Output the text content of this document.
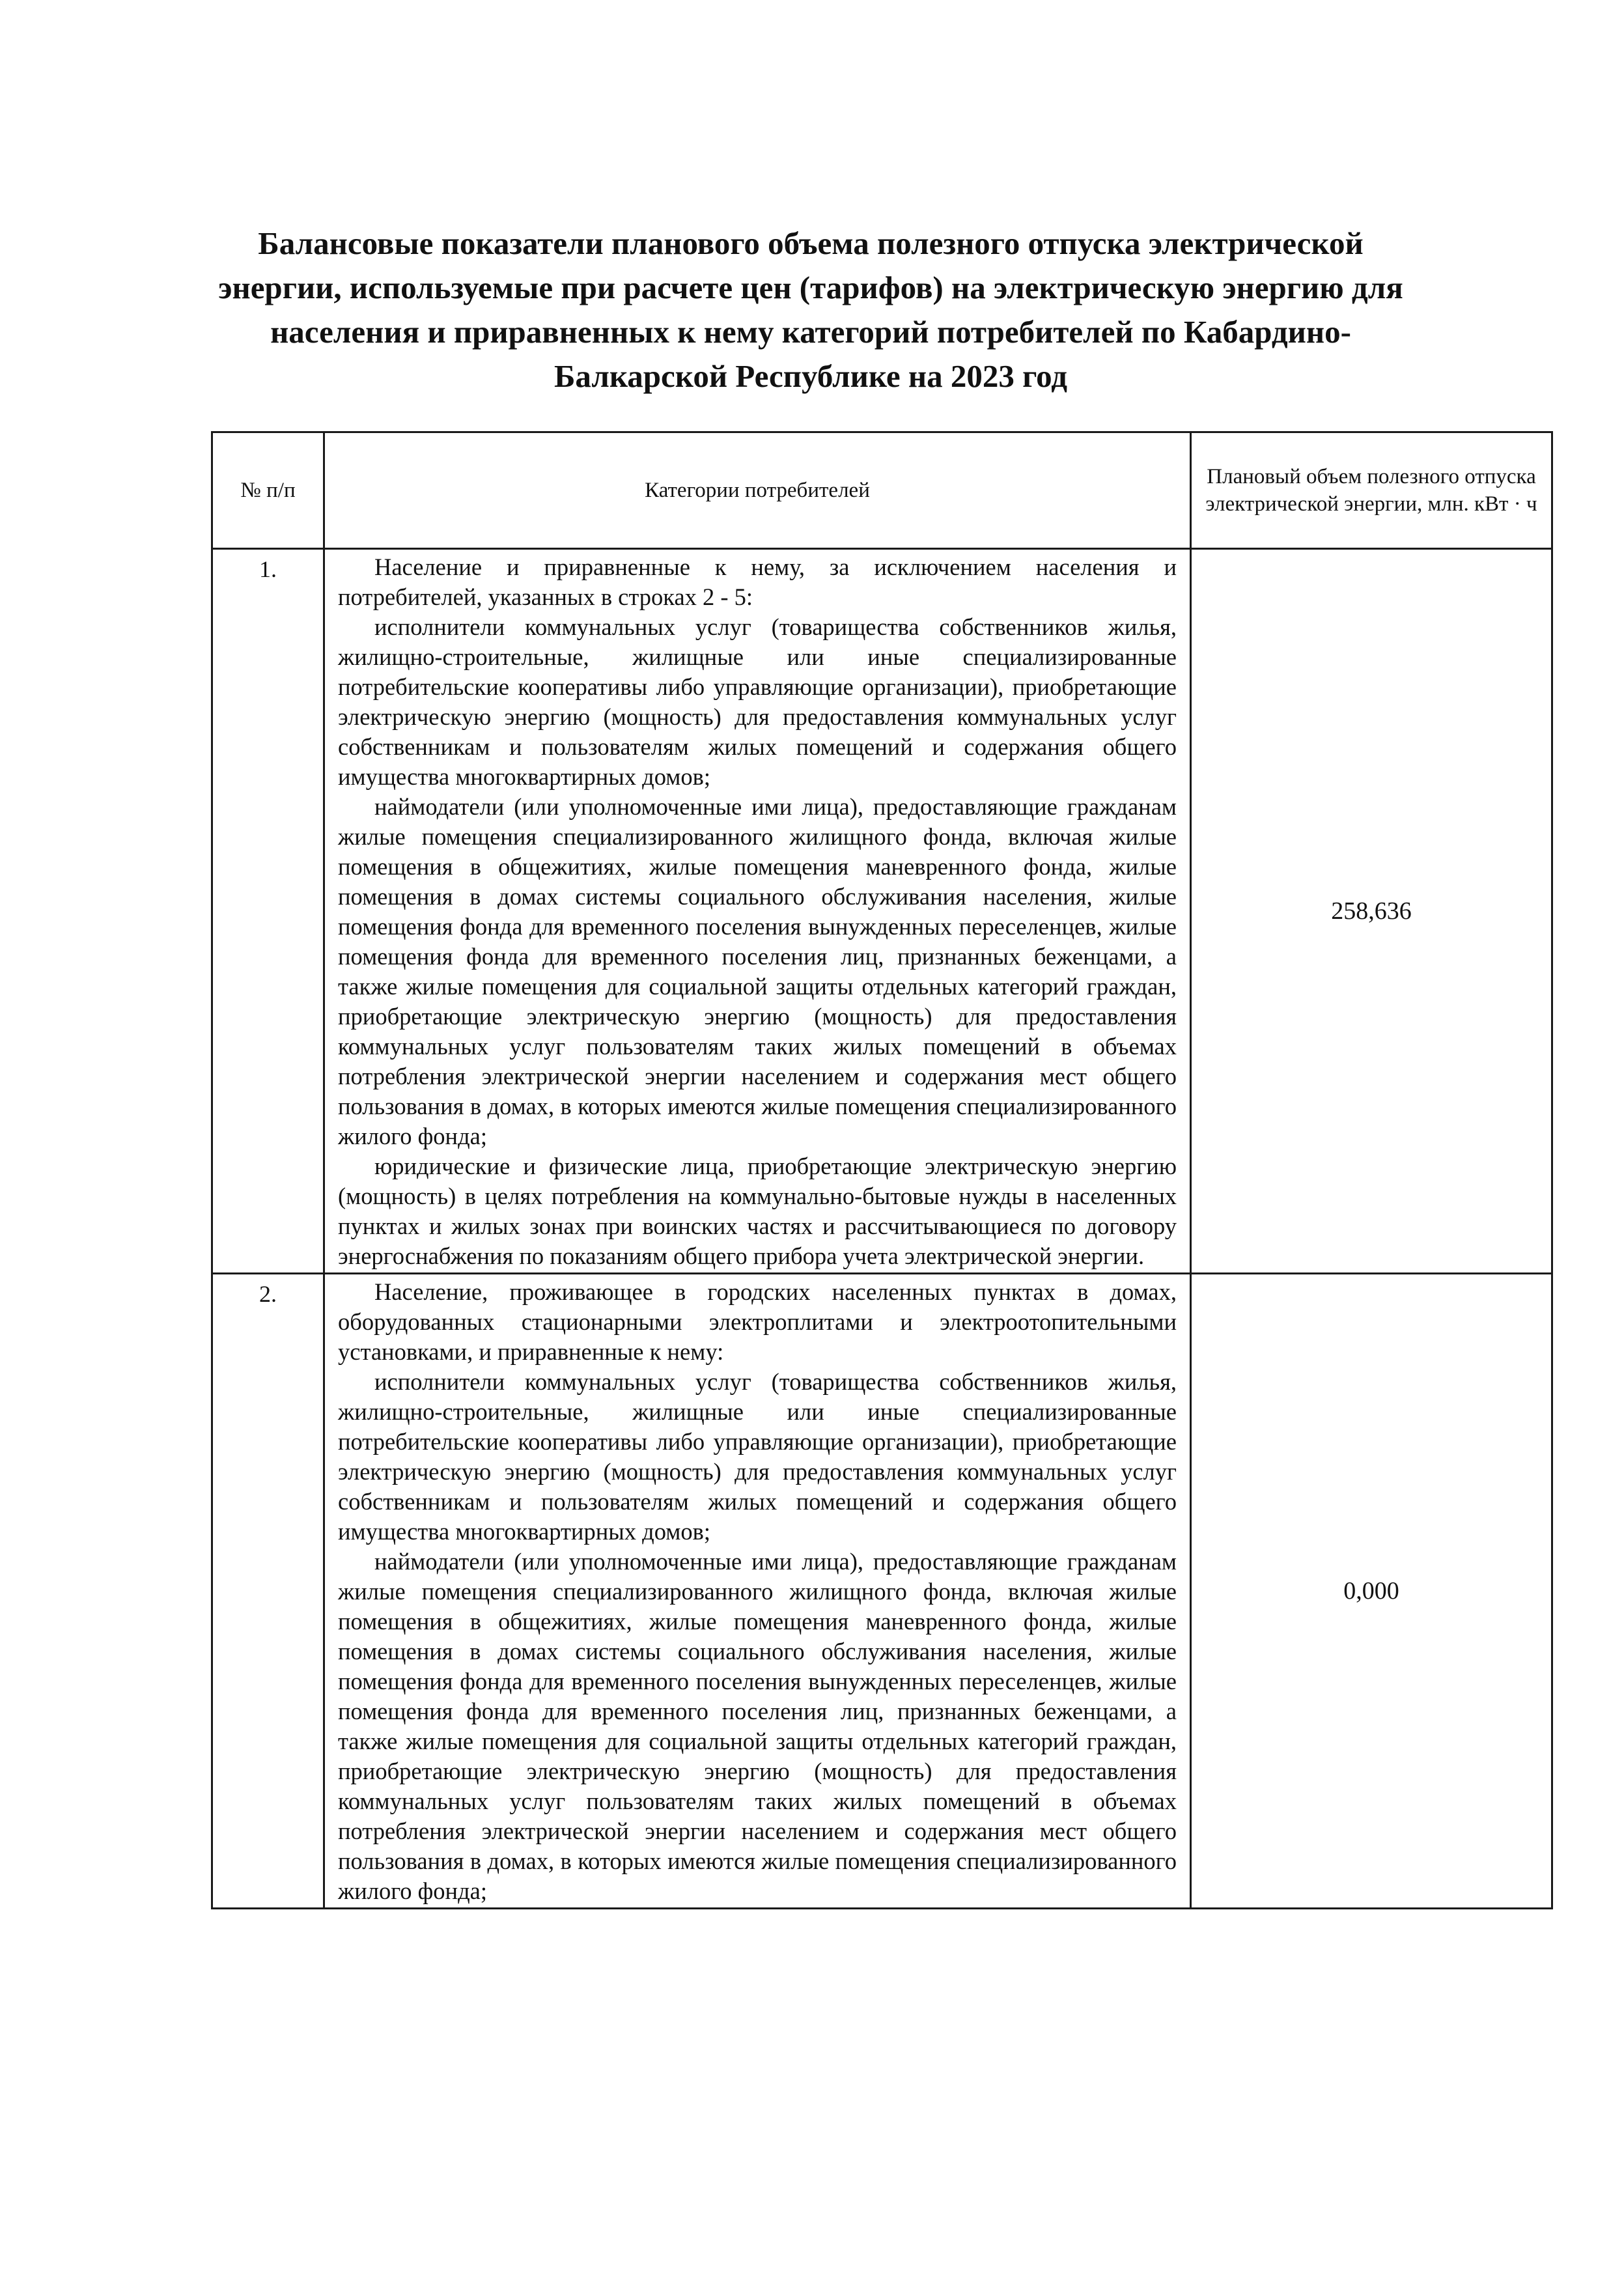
Балансовые показатели планового объема полезного отпуска электрической энергии, используемые при расчете цен (тарифов) на электрическую энергию для населения и приравненных к нему категорий потребителей по Кабардино-Балкарской Республике на 2023 год
№ п/п	Категории потребителей	Плановый объем полезного отпуска электрической энергии, млн. кВт · ч
1.	Население и приравненные к нему, за исключением населения и потребителей, указанных в строках 2 - 5:

исполнители коммунальных услуг (товарищества собственников жилья, жилищно-строительные, жилищные или иные специализированные потребительские кооперативы либо управляющие организации), приобретающие электрическую энергию (мощность) для предоставления коммунальных услуг собственникам и пользователям жилых помещений и содержания общего имущества многоквартирных домов;

наймодатели (или уполномоченные ими лица), предоставляющие гражданам жилые помещения специализированного жилищного фонда, включая жилые помещения в общежитиях, жилые помещения маневренного фонда, жилые помещения в домах системы социального обслуживания населения, жилые помещения фонда для временного поселения вынужденных переселенцев, жилые помещения фонда для временного поселения лиц, признанных беженцами, а также жилые помещения для социальной защиты отдельных категорий граждан, приобретающие электрическую энергию (мощность) для предоставления коммунальных услуг пользователям таких жилых помещений в объемах потребления электрической энергии населением и содержания мест общего пользования в домах, в которых имеются жилые помещения специализированного жилого фонда;

юридические и физические лица, приобретающие электрическую энергию (мощность) в целях потребления на коммунально-бытовые нужды в населенных пунктах и жилых зонах при воинских частях и рассчитывающиеся по договору энергоснабжения по показаниям общего прибора учета электрической энергии.	258,636
2.	Население, проживающее в городских населенных пунктах в домах, оборудованных стационарными электроплитами и электроотопительными установками, и приравненные к нему:

исполнители коммунальных услуг (товарищества собственников жилья, жилищно-строительные, жилищные или иные специализированные потребительские кооперативы либо управляющие организации), приобретающие электрическую энергию (мощность) для предоставления коммунальных услуг собственникам и пользователям жилых помещений и содержания общего имущества многоквартирных домов;

наймодатели (или уполномоченные ими лица), предоставляющие гражданам жилые помещения специализированного жилищного фонда, включая жилые помещения в общежитиях, жилые помещения маневренного фонда, жилые помещения в домах системы социального обслуживания населения, жилые помещения фонда для временного поселения вынужденных переселенцев, жилые помещения фонда для временного поселения лиц, признанных беженцами, а также жилые помещения для социальной защиты отдельных категорий граждан, приобретающие электрическую энергию (мощность) для предоставления коммунальных услуг пользователям таких жилых помещений в объемах потребления электрической энергии населением и содержания мест общего пользования в домах, в которых имеются жилые помещения специализированного жилого фонда;	0,000
